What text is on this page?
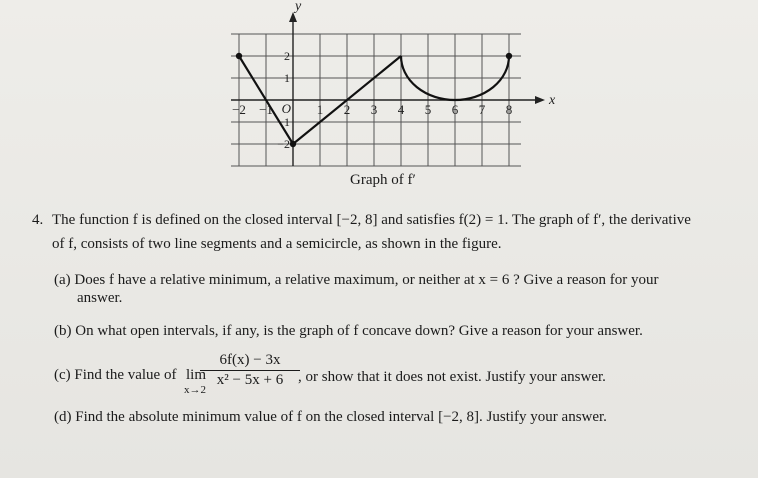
x
y
O
−2 −1	1 2 3 4 5 6 7 8
2
1
−1
−2
Graph of f′
4. The function f is defined on the closed interval [−2, 8] and satisfies f(2) = 1. The graph of f′, the derivative
of f, consists of two line segments and a semicircle, as shown in the figure.
(a) Does f have a relative minimum, a relative maximum, or neither at x = 6 ? Give a reason for your
answer.
(b) On what open intervals, if any, is the graph of f concave down? Give a reason for your answer.
(c) Find the value of lim
x→2
$\frac{6f(x) - 3x}{\text{x² − 5x + 6}}$
, or show that it does not exist. Justify your answer.
(d) Find the absolute minimum value of f on the closed interval [−2, 8]. Justify your answer.
